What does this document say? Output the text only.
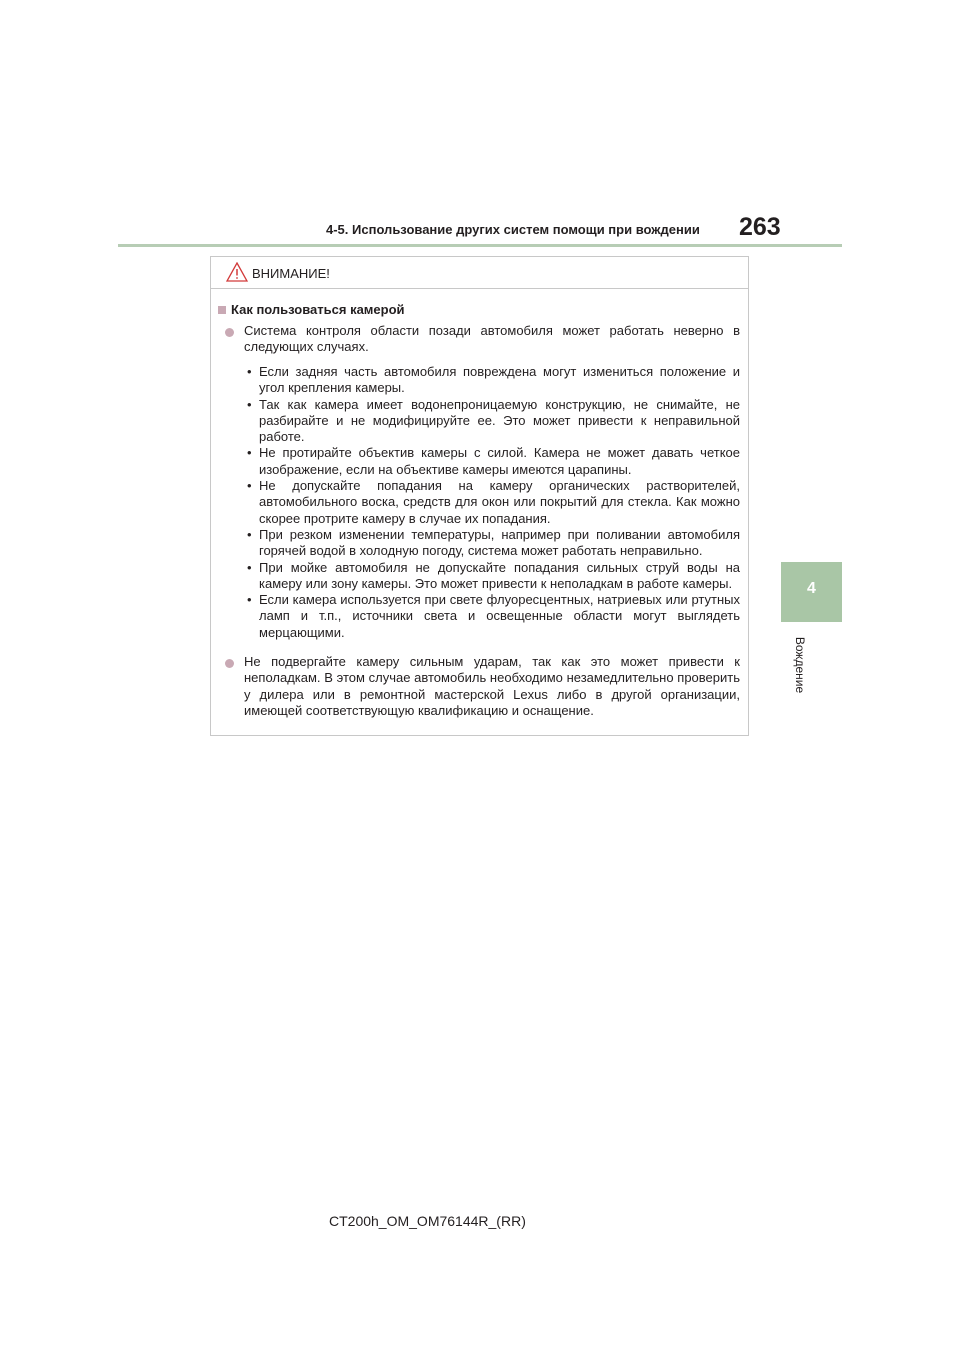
4-5. Использование других систем помощи при вождении 263
4
Вождение
ВНИМАНИЕ!
Как пользоваться камерой
Система контроля области позади автомобиля может работать неверно в следующих случаях.
• Если задняя часть автомобиля повреждена могут измениться положение и угол крепления камеры.
• Так как камера имеет водонепроницаемую конструкцию, не снимайте, не разбирайте и не модифицируйте ее. Это может привести к неправильной работе.
• Не протирайте объектив камеры с силой. Камера не может давать четкое изображение, если на объективе камеры имеются царапины.
• Не допускайте попадания на камеру органических растворителей, автомобильного воска, средств для окон или покрытий для стекла. Как можно скорее протрите камеру в случае их попадания.
• При резком изменении температуры, например при поливании автомобиля горячей водой в холодную погоду, система может работать неправильно.
• При мойке автомобиля не допускайте попадания сильных струй воды на камеру или зону камеры. Это может привести к неполадкам в работе камеры.
• Если камера используется при свете флуоресцентных, натриевых или ртутных ламп и т.п., источники света и освещенные области могут выглядеть мерцающими.
Не подвергайте камеру сильным ударам, так как это может привести к неполадкам. В этом случае автомобиль необходимо незамедлительно проверить у дилера или в ремонтной мастерской Lexus либо в другой организации, имеющей соответствующую квалификацию и оснащение.
CT200h_OM_OM76144R_(RR)
